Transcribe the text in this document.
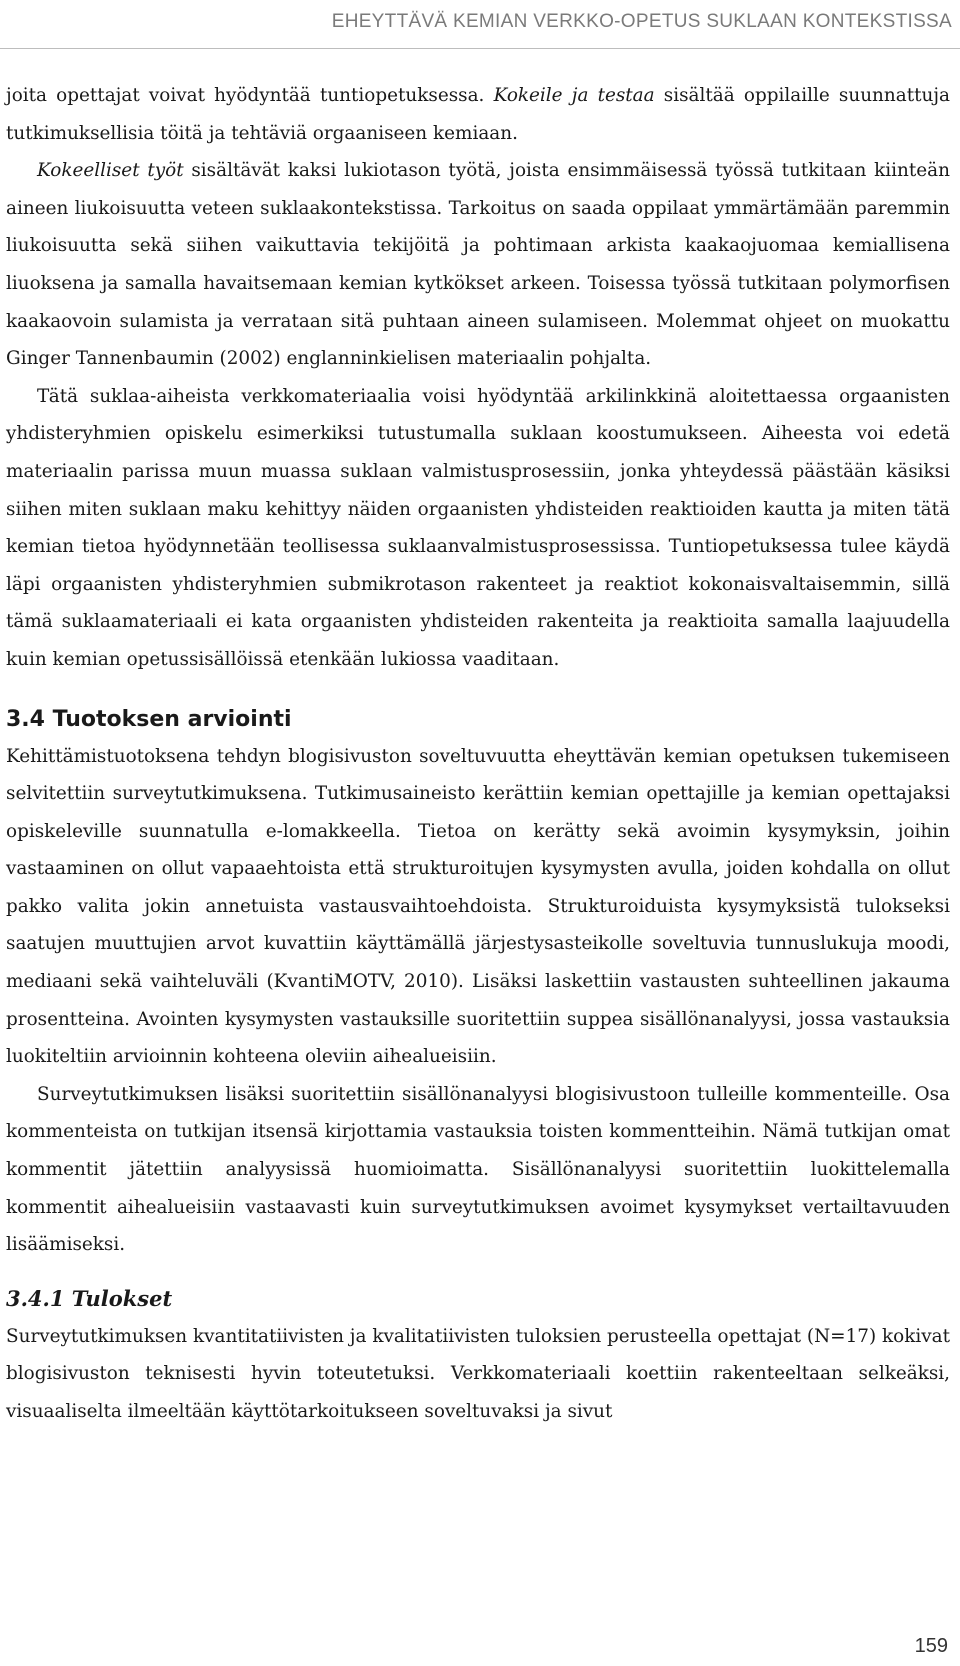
EHEYTTÄVÄ KEMIAN VERKKO-OPETUS SUKLAAN KONTEKSTISSA

joita opettajat voivat hyödyntää tuntiopetuksessa. Kokeile ja testaa sisältää oppilaille suunnattuja tutkimuksellisia töitä ja tehtäviä orgaaniseen kemiaan.

Kokeelliset työt sisältävät kaksi lukiotason työtä, joista ensimmäisessä työssä tutkitaan kiinteän aineen liukoisuutta veteen suklaakontekstissa. Tarkoitus on saada oppilaat ymmärtämään paremmin liukoisuutta sekä siihen vaikuttavia tekijöitä ja pohtimaan arkista kaakaojuomaa kemiallisena liuoksena ja samalla havaitsemaan kemian kytkökset arkeen. Toisessa työssä tutkitaan polymorfisen kaakaovoin sulamista ja verrataan sitä puhtaan aineen sulamiseen. Molemmat ohjeet on muokattu Ginger Tannenbaumin (2002) englanninkielisen materiaalin pohjalta.

Tätä suklaa-aiheista verkkomateriaalia voisi hyödyntää arkilinkkinä aloitettaessa orgaanisten yhdisteryhmien opiskelu esimerkiksi tutustumalla suklaan koostumukseen. Aiheesta voi edetä materiaalin parissa muun muassa suklaan valmistusprosessiin, jonka yhteydessä päästään käsiksi siihen miten suklaan maku kehittyy näiden orgaanisten yhdisteiden reaktioiden kautta ja miten tätä kemian tietoa hyödynnetään teollisessa suklaanvalmistusprosessissa. Tuntiopetuksessa tulee käydä läpi orgaanisten yhdisteryhmien submikrotason rakenteet ja reaktiot kokonaisvaltaisemmin, sillä tämä suklaamateriaali ei kata orgaanisten yhdisteiden rakenteita ja reaktioita samalla laajuudella kuin kemian opetussisällöissä etenkään lukiossa vaaditaan.

3.4 Tuotoksen arviointi

Kehittämistuotoksena tehdyn blogisivuston soveltuvuutta eheyttävän kemian opetuksen tukemiseen selvitettiin surveytutkimuksena. Tutkimusaineisto kerättiin kemian opettajille ja kemian opettajaksi opiskeleville suunnatulla e-lomakkeella. Tietoa on kerätty sekä avoimin kysymyksin, joihin vastaaminen on ollut vapaaehtoista että strukturoitujen kysymysten avulla, joiden kohdalla on ollut pakko valita jokin annetuista vastausvaihtoehdoista. Strukturoiduista kysymyksistä tulokseksi saatujen muuttujien arvot kuvattiin käyttämällä järjestysasteikolle soveltuvia tunnuslukuja moodi, mediaani sekä vaihteluväli (KvantiMOTV, 2010). Lisäksi laskettiin vastausten suhteellinen jakauma prosentteina. Avointen kysymysten vastauksille suoritettiin suppea sisällönanalyysi, jossa vastauksia luokiteltiin arvioinnin kohteena oleviin aihealueisiin.

Surveytutkimuksen lisäksi suoritettiin sisällönanalyysi blogisivustoon tulleille kommenteille. Osa kommenteista on tutkijan itsensä kirjottamia vastauksia toisten kommentteihin. Nämä tutkijan omat kommentit jätettiin analyysissä huomioimatta. Sisällönanalyysi suoritettiin luokittelemalla kommentit aihealueisiin vastaavasti kuin surveytutkimuksen avoimet kysymykset vertailtavuuden lisäämiseksi.

3.4.1 Tulokset

Surveytutkimuksen kvantitatiivisten ja kvalitatiivisten tuloksien perusteella opettajat (N=17) kokivat blogisivuston teknisesti hyvin toteutetuksi. Verkkomateriaali koettiin rakenteeltaan selkeäksi, visuaaliselta ilmeeltään käyttötarkoitukseen soveltuvaksi ja sivut

159
